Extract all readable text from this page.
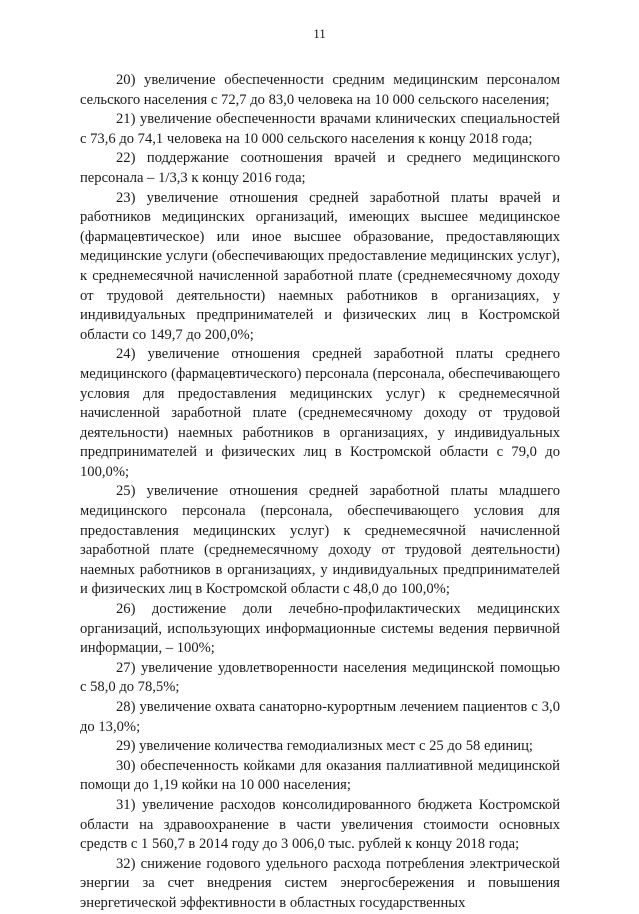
11

20) увеличение обеспеченности средним медицинским персоналом сельского населения с 72,7 до 83,0 человека на 10 000 сельского населения;

21) увеличение обеспеченности врачами клинических специальностей с 73,6 до 74,1 человека на 10 000 сельского населения к концу 2018 года;

22) поддержание соотношения врачей и среднего медицинского персонала – 1/3,3 к концу 2016 года;

23) увеличение отношения средней заработной платы врачей и работников медицинских организаций, имеющих высшее медицинское (фармацевтическое) или иное высшее образование, предоставляющих медицинские услуги (обеспечивающих предоставление медицинских услуг), к среднемесячной начисленной заработной плате (среднемесячному доходу от трудовой деятельности) наемных работников в организациях, у индивидуальных предпринимателей и физических лиц в Костромской области со 149,7 до 200,0%;

24) увеличение отношения средней заработной платы среднего медицинского (фармацевтического) персонала (персонала, обеспечивающего условия для предоставления медицинских услуг) к среднемесячной начисленной заработной плате (среднемесячному доходу от трудовой деятельности) наемных работников в организациях, у индивидуальных предпринимателей и физических лиц в Костромской области с 79,0 до 100,0%;

25) увеличение отношения средней заработной платы младшего медицинского персонала (персонала, обеспечивающего условия для предоставления медицинских услуг) к среднемесячной начисленной заработной плате (среднемесячному доходу от трудовой деятельности) наемных работников в организациях, у индивидуальных предпринимателей и физических лиц в Костромской области с 48,0 до 100,0%;

26) достижение доли лечебно-профилактических медицинских организаций, использующих информационные системы ведения первичной информации, – 100%;

27) увеличение удовлетворенности населения медицинской помощью с 58,0 до 78,5%;

28) увеличение охвата санаторно-курортным лечением пациентов с 3,0 до 13,0%;

29) увеличение количества гемодиализных мест с 25 до 58 единиц;

30) обеспеченность койками для оказания паллиативной медицинской помощи до 1,19 койки на 10 000 населения;

31) увеличение расходов консолидированного бюджета Костромской области на здравоохранение в части увеличения стоимости основных средств с 1 560,7 в 2014 году до 3 006,0 тыс. рублей к концу 2018 года;

32) снижение годового удельного расхода потребления электрической энергии за счет внедрения систем энергосбережения и повышения энергетической эффективности в областных государственных
